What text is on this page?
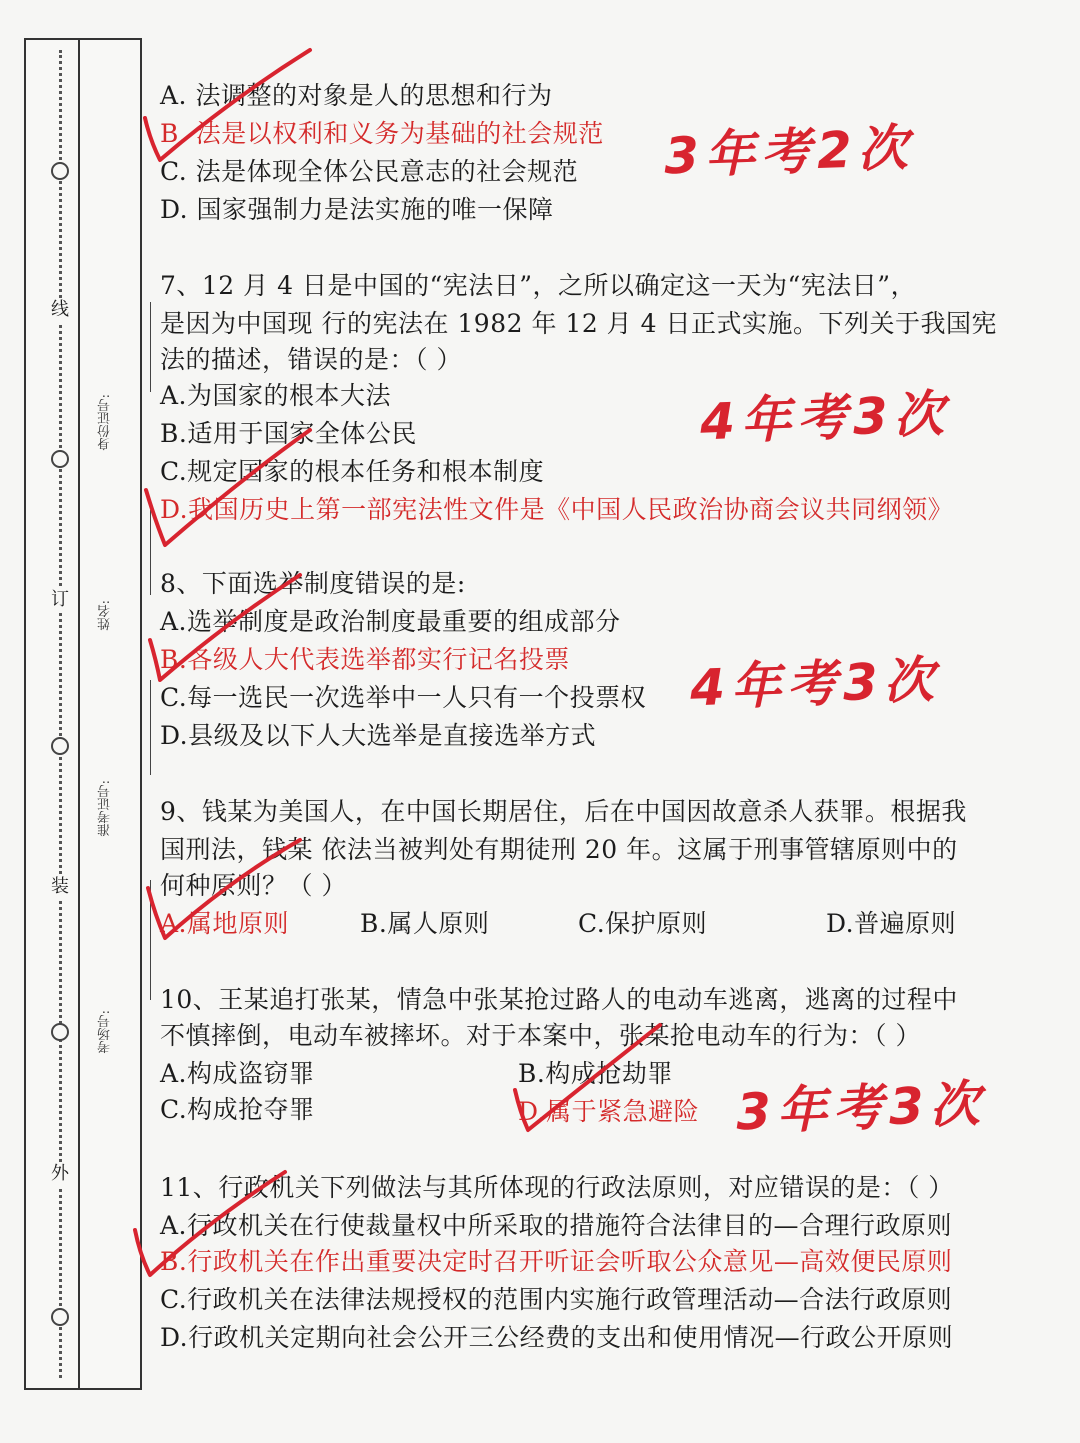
线
订
装
外
身份证号:
姓名:
准考证号:
考场号:
A. 法调整的对象是人的思想和行为
B. 法是以权利和义务为基础的社会规范
C. 法是体现全体公民意志的社会规范
D. 国家强制力是法实施的唯一保障
7、12 月 4 日是中国的“宪法日”，之所以确定这一天为“宪法日”，
是因为中国现 行的宪法在 1982 年 12 月 4 日正式实施。下列关于我国宪
法的描述，错误的是：（ ）
A.为国家的根本大法
B.适用于国家全体公民
C.规定国家的根本任务和根本制度
D.我国历史上第一部宪法性文件是《中国人民政治协商会议共同纲领》
8、下面选举制度错误的是:
A.选举制度是政治制度最重要的组成部分
B.各级人大代表选举都实行记名投票
C.每一选民一次选举中一人只有一个投票权
D.县级及以下人大选举是直接选举方式
9、钱某为美国人，在中国长期居住，后在中国因故意杀人获罪。根据我
国刑法，钱某 依法当被判处有期徒刑 20 年。这属于刑事管辖原则中的
何种原则？（ ）
A.属地原则	B.属人原则	C.保护原则	D.普遍原则
10、王某追打张某，情急中张某抢过路人的电动车逃离，逃离的过程中
不慎摔倒，电动车被摔坏。对于本案中，张某抢电动车的行为：（ ）
A.构成盗窃罪	B.构成抢劫罪
C.构成抢夺罪	D.属于紧急避险
11、行政机关下列做法与其所体现的行政法原则，对应错误的是：（ ）
A.行政机关在行使裁量权中所采取的措施符合法律目的—合理行政原则
B.行政机关在作出重要决定时召开听证会听取公众意见—高效便民原则
C.行政机关在法律法规授权的范围内实施行政管理活动—合法行政原则
D.行政机关定期向社会公开三公经费的支出和使用情况—行政公开原则
3年考2次
4年考3次
4年考3次
3年考3次
